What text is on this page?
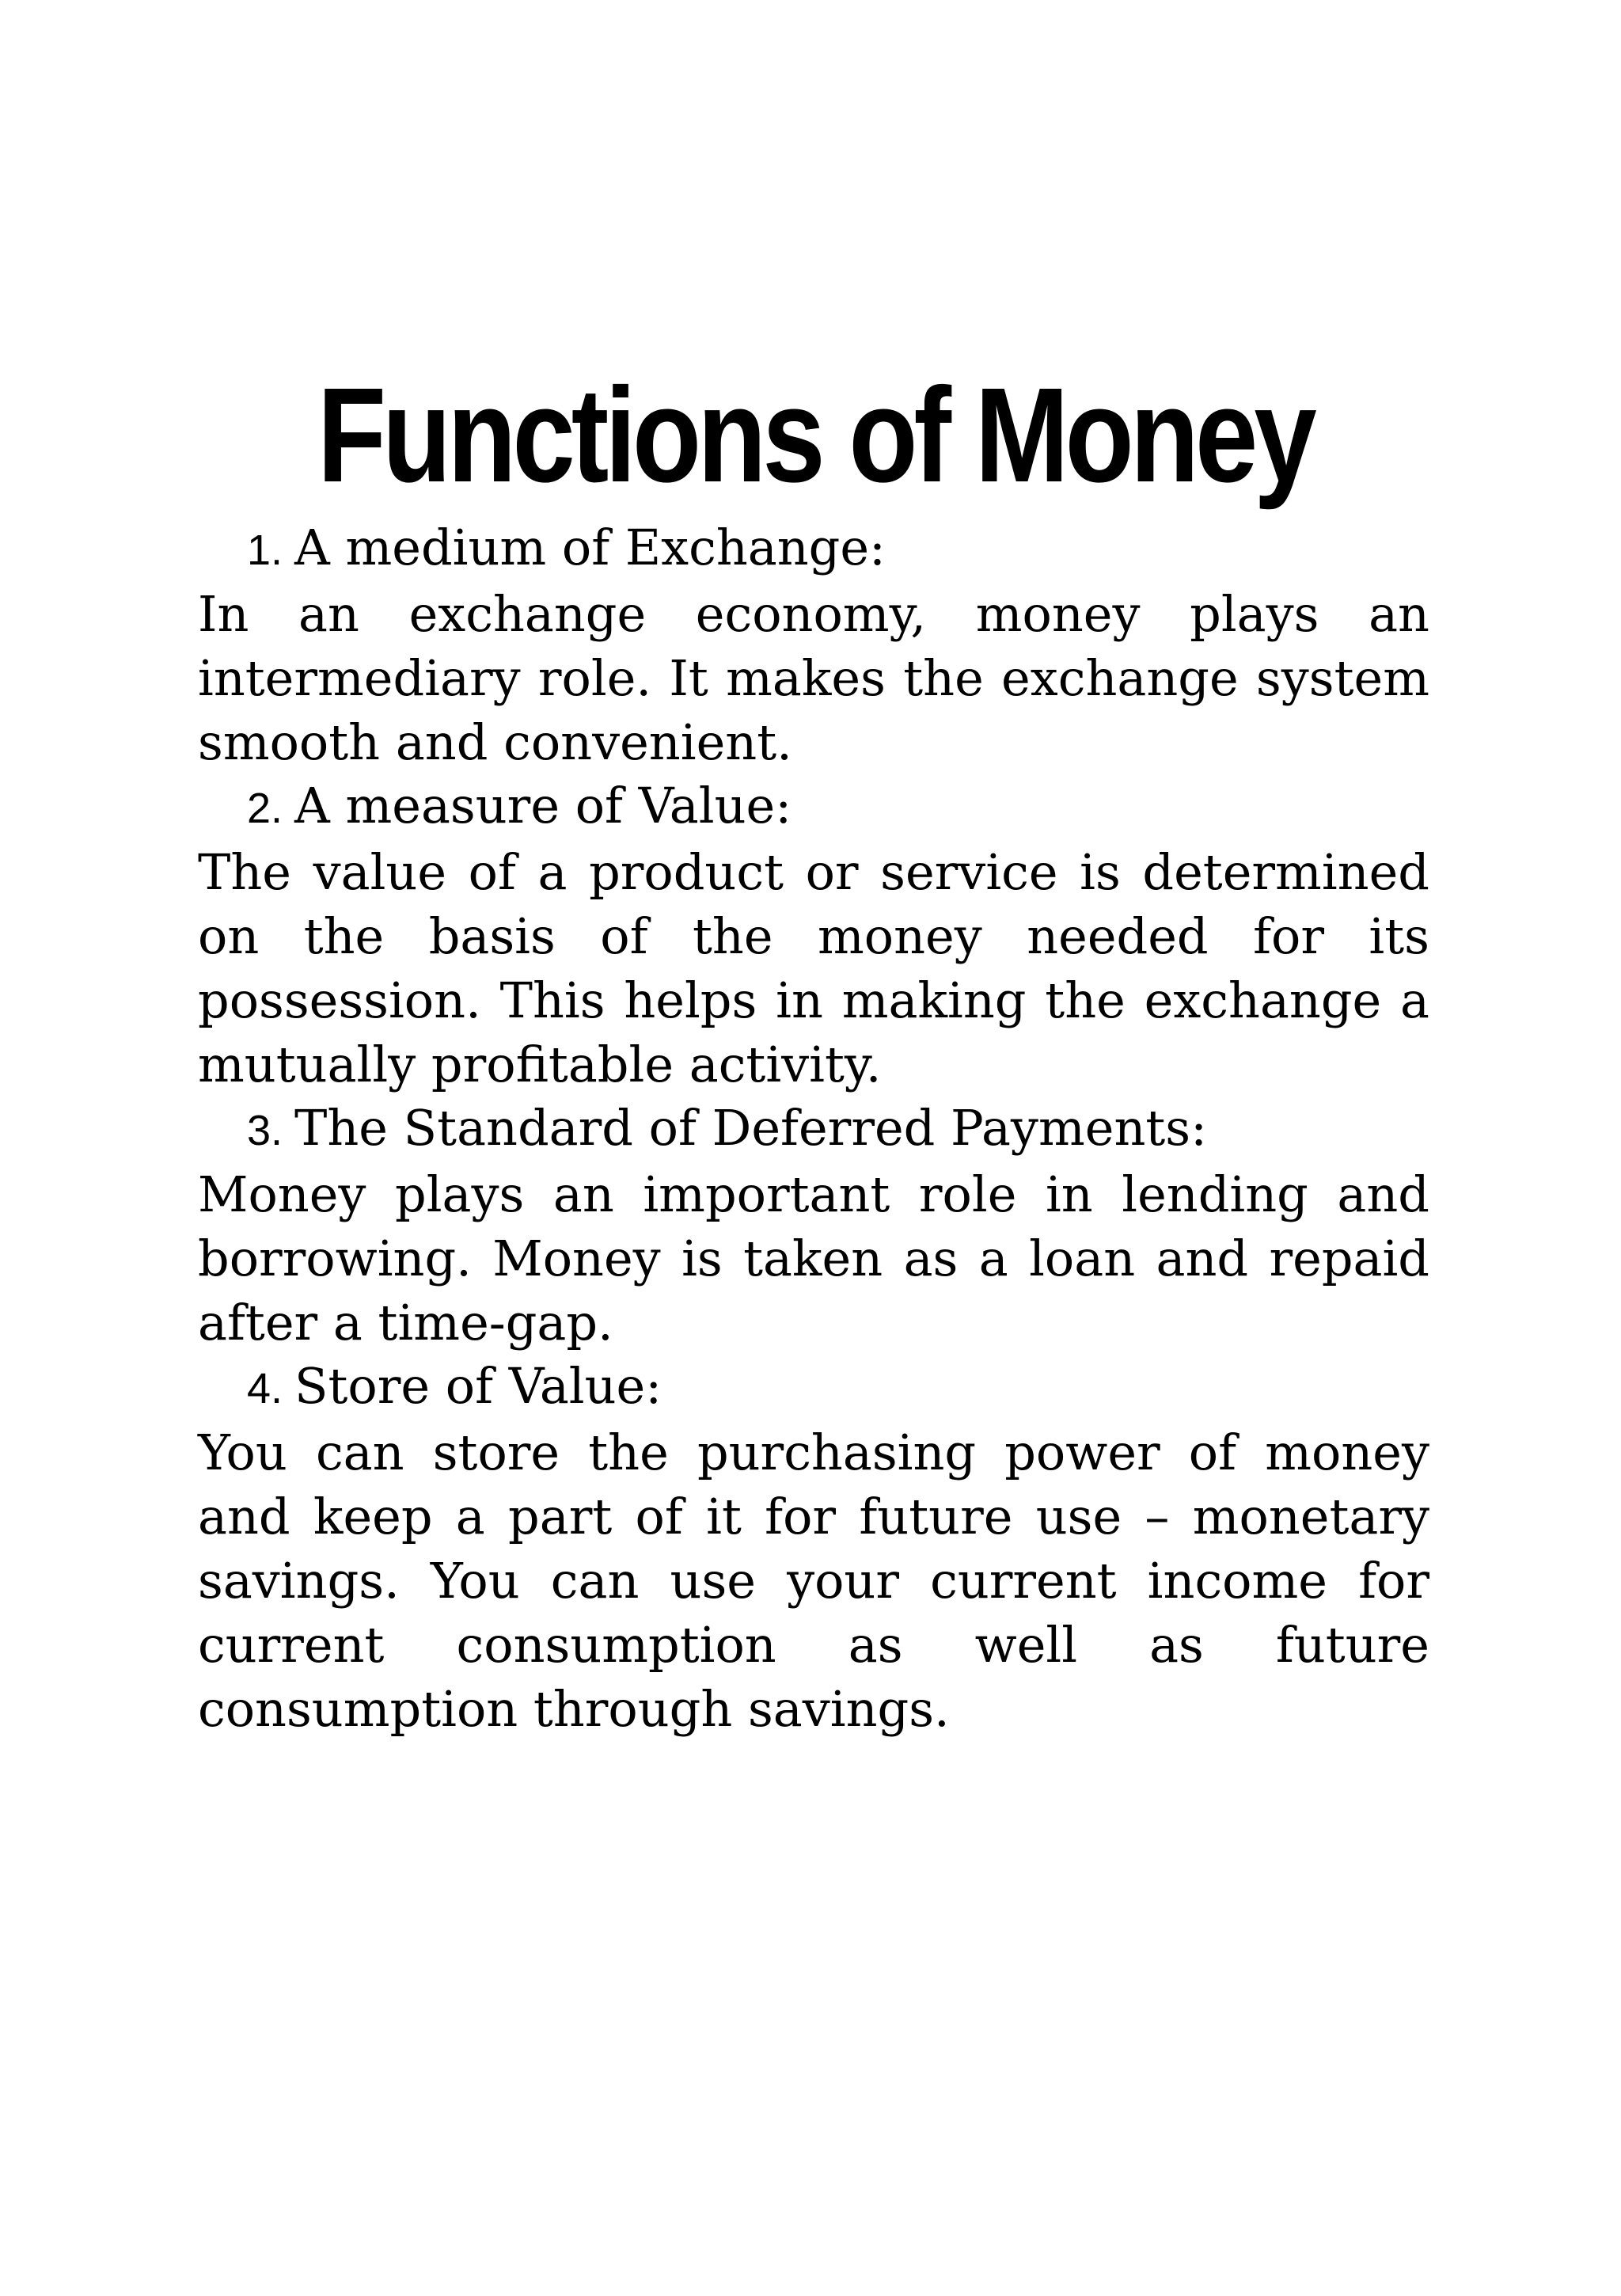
Functions of Money
1. A medium of Exchange:

In an exchange economy, money plays an intermediary role. It makes the exchange system smooth and convenient.

2. A measure of Value:

The value of a product or service is determined on the basis of the money needed for its possession. This helps in making the exchange a mutually profitable activity.

3. The Standard of Deferred Payments:

Money plays an important role in lending and borrowing. Money is taken as a loan and repaid after a time-gap.

4. Store of Value:

You can store the purchasing power of money and keep a part of it for future use – monetary savings. You can use your current income for current consumption as well as future consumption through savings.
